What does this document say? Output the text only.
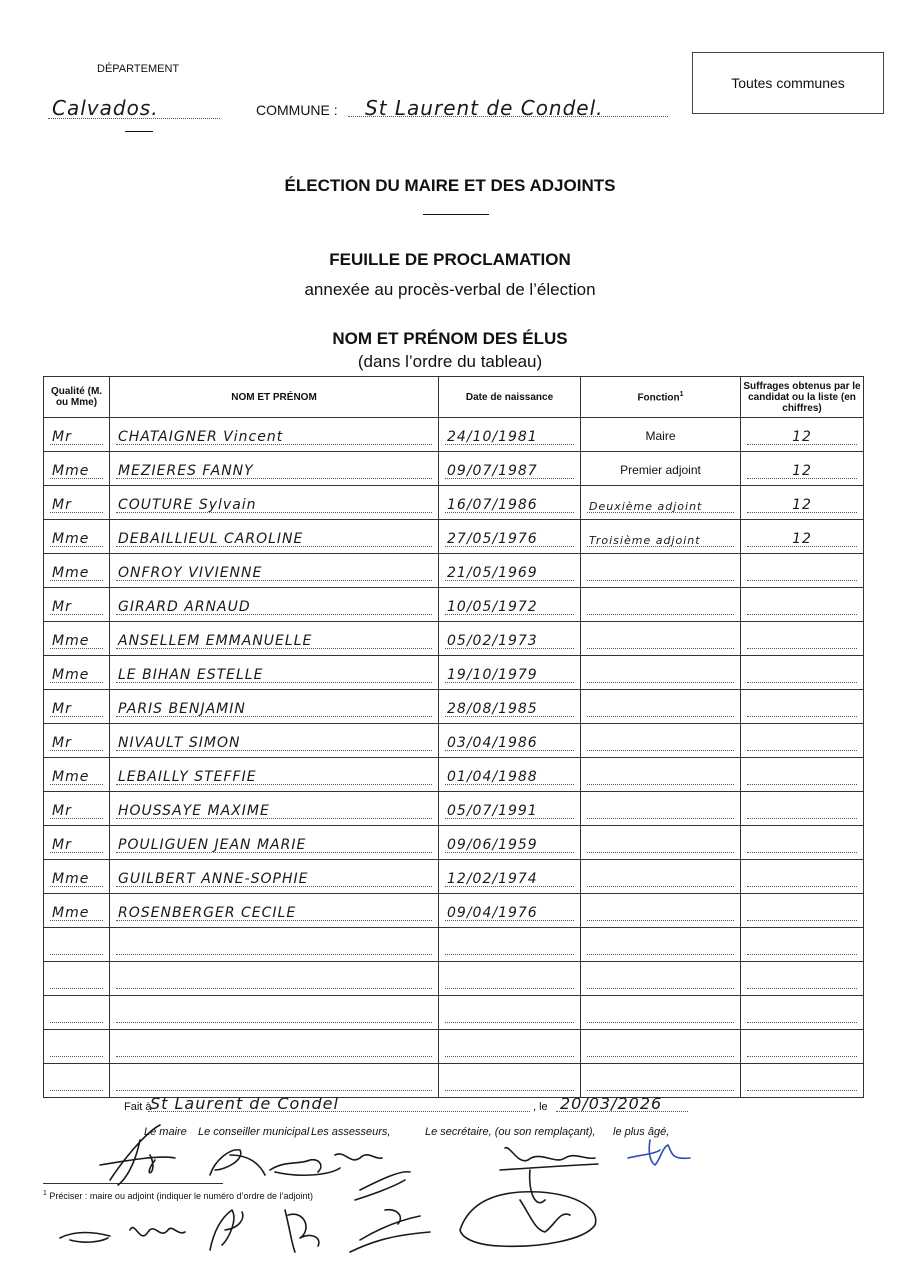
DÉPARTEMENT
Calvados.	COMMUNE : St Laurent de Condel.
Toutes communes
ÉLECTION DU MAIRE ET DES ADJOINTS
FEUILLE DE PROCLAMATION
annexée au procès-verbal de l’élection
NOM ET PRÉNOM DES ÉLUS
(dans l’ordre du tableau)
Qualité (M. ou Mme)	NOM ET PRÉNOM	Date de naissance	Fonction$^1$	Suffrages obtenus par le candidat ou la liste (en chiffres)

Mr	CHATAIGNER Vincent	24/10/1981	Maire	12

Mme	MEZIERES FANNY	09/07/1987	Premier adjoint	12

Mr	COUTURE Sylvain	16/07/1986	Deuxième adjoint	12

Mme	DEBAILLIEUL CAROLINE	27/05/1976	Troisième adjoint	12

Mme	ONFROY VIVIENNE	21/05/1969		

Mr	GIRARD ARNAUD	10/05/1972		

Mme	ANSELLEM EMMANUELLE	05/02/1973		

Mme	LE BIHAN ESTELLE	19/10/1979		

Mr	PARIS BENJAMIN	28/08/1985		

Mr	NIVAULT SIMON	03/04/1986		

Mme	LEBAILLY STEFFIE	01/04/1988		

Mr	HOUSSAYE MAXIME	05/07/1991		

Mr	POULIGUEN JEAN MARIE	09/06/1959		

Mme	GUILBERT ANNE-SOPHIE	12/02/1974		

Mme	ROSENBERGER CECILE	09/04/1976		

Fait à
St Laurent de Condel	, le 20/03/2026
Le maire Le conseiller municipal Les assesseurs,	Le secrétaire, (ou son remplaçant), le plus âgé,
$^1$ Préciser : maire ou adjoint (indiquer le numéro d’ordre de l’adjoint)
